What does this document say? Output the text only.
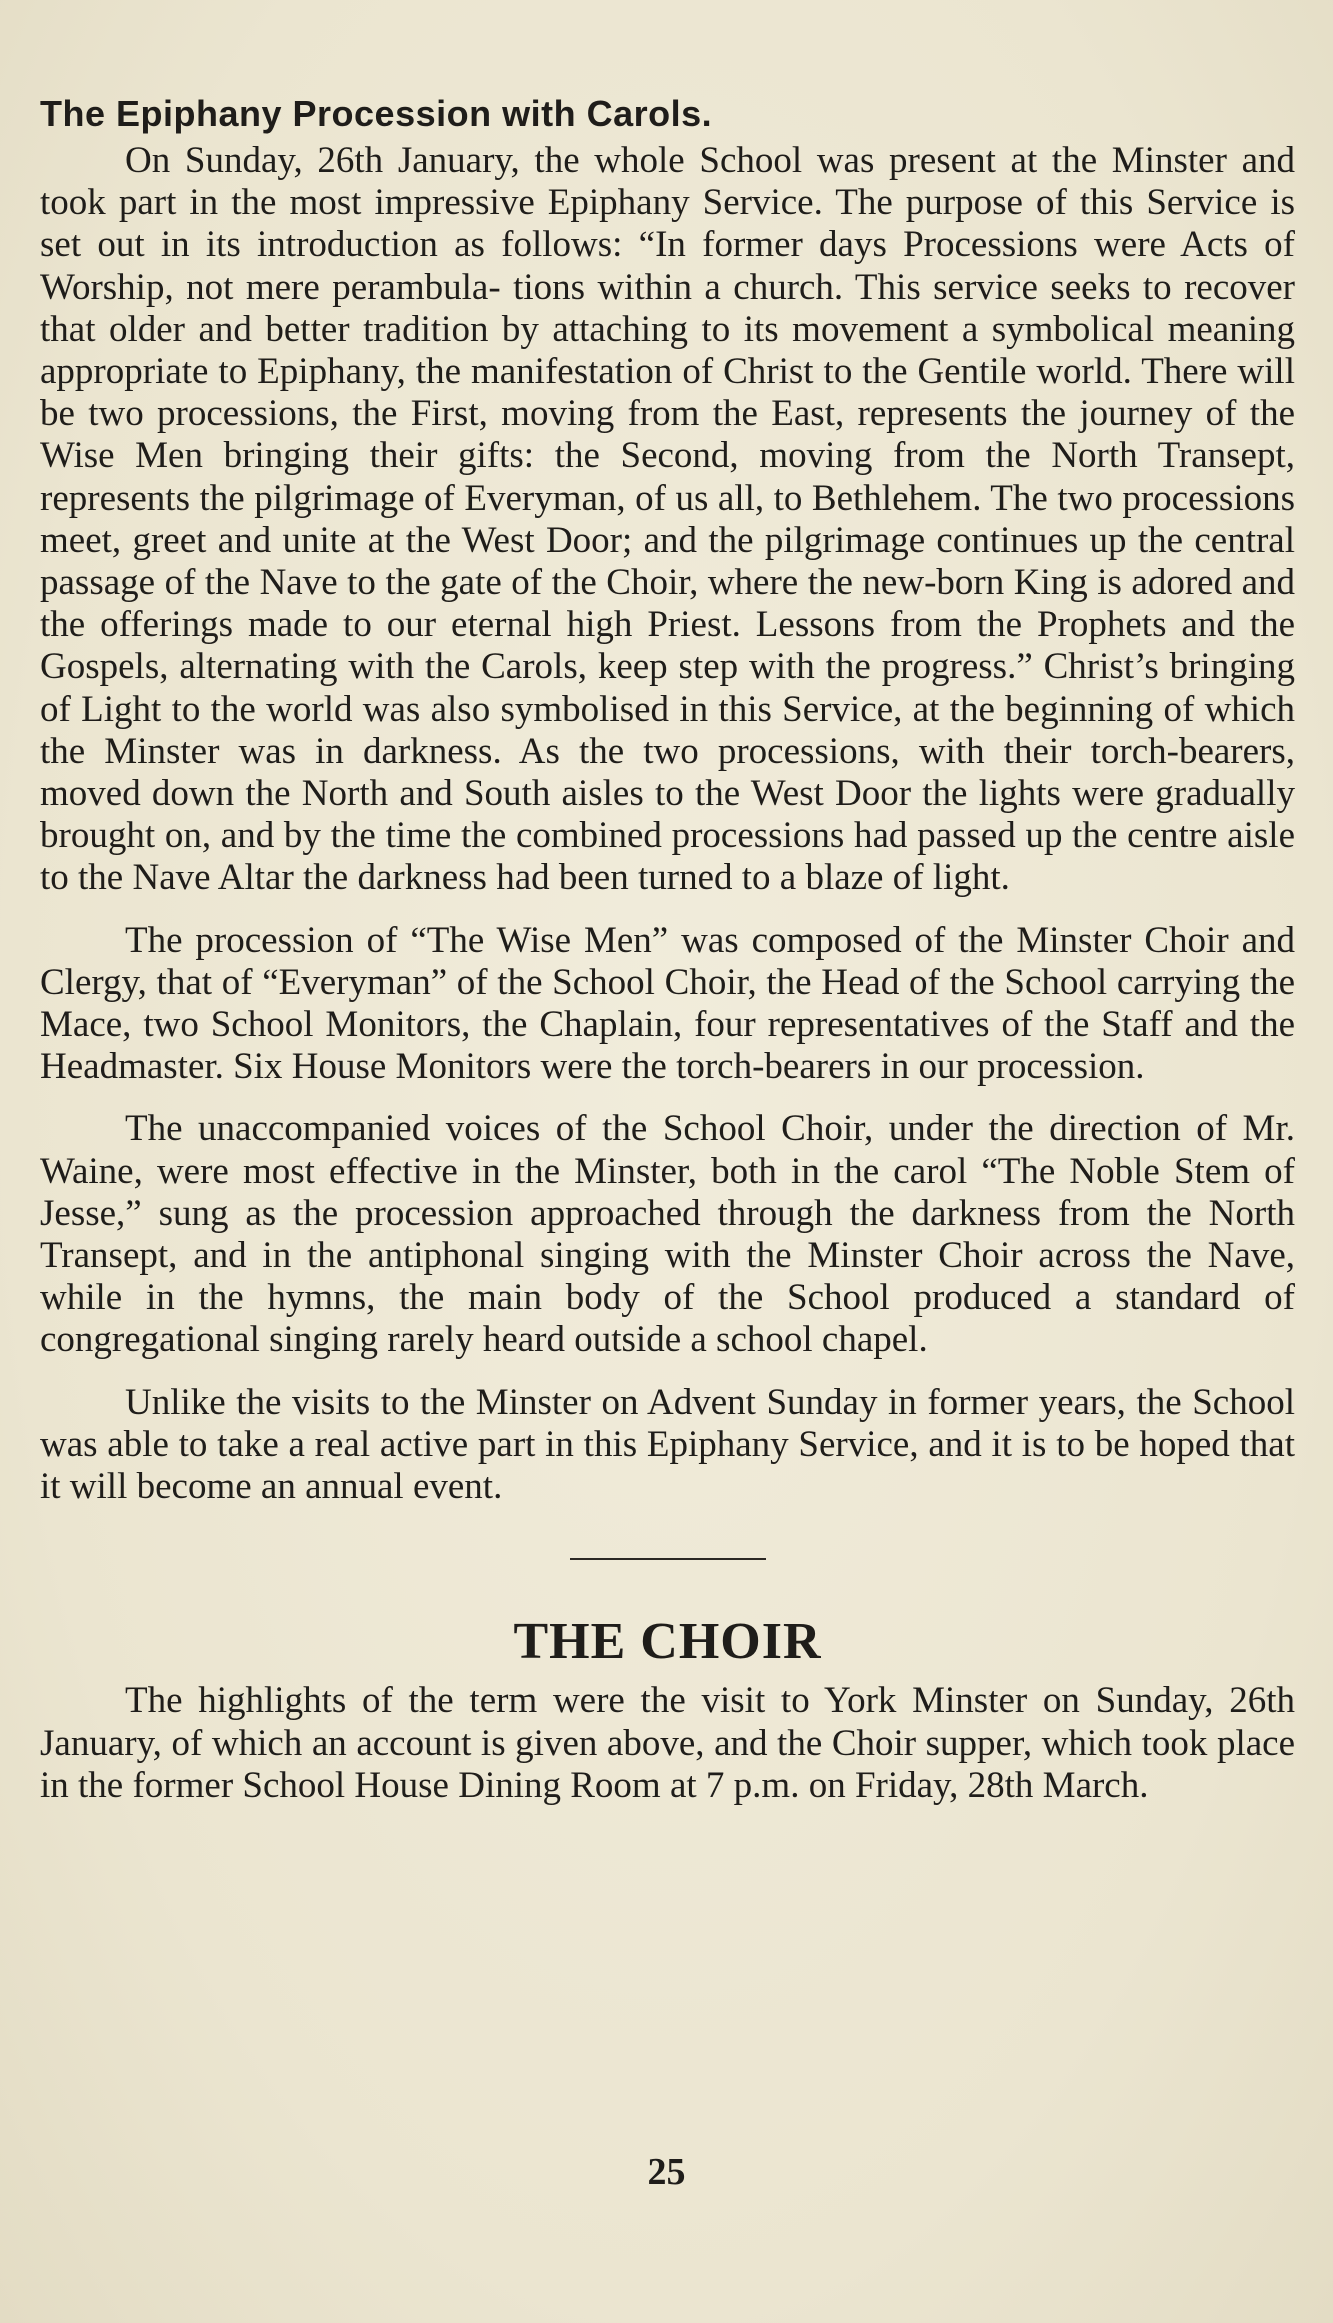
The Epiphany Procession with Carols.

On Sunday, 26th January, the whole School was present at the Minster and took part in the most impressive Epiphany Service. The purpose of this Service is set out in its introduction as follows: “In former days Processions were Acts of Worship, not mere perambula‑ tions within a church. This service seeks to recover that older and better tradition by attaching to its movement a symbolical meaning appropriate to Epiphany, the manifestation of Christ to the Gentile world. There will be two processions, the First, moving from the East, represents the journey of the Wise Men bringing their gifts: the Second, moving from the North Transept, represents the pilgrimage of Everyman, of us all, to Bethlehem. The two processions meet, greet and unite at the West Door; and the pilgrimage continues up the central passage of the Nave to the gate of the Choir, where the new‑born King is adored and the offerings made to our eternal high Priest. Lessons from the Prophets and the Gospels, alternating with the Carols, keep step with the progress.” Christ’s bringing of Light to the world was also symbolised in this Service, at the beginning of which the Minster was in darkness. As the two processions, with their torch‑bearers, moved down the North and South aisles to the West Door the lights were gradually brought on, and by the time the combined processions had passed up the centre aisle to the Nave Altar the darkness had been turned to a blaze of light.

The procession of “The Wise Men” was composed of the Minster Choir and Clergy, that of “Everyman” of the School Choir, the Head of the School carrying the Mace, two School Monitors, the Chaplain, four representatives of the Staff and the Headmaster. Six House Monitors were the torch‑bearers in our procession.

The unaccompanied voices of the School Choir, under the direction of Mr. Waine, were most effective in the Minster, both in the carol “The Noble Stem of Jesse,” sung as the procession approached through the darkness from the North Transept, and in the antiphonal singing with the Minster Choir across the Nave, while in the hymns, the main body of the School produced a standard of congregational singing rarely heard outside a school chapel.

Unlike the visits to the Minster on Advent Sunday in former years, the School was able to take a real active part in this Epiphany Service, and it is to be hoped that it will become an annual event.

THE CHOIR

The highlights of the term were the visit to York Minster on Sunday, 26th January, of which an account is given above, and the Choir supper, which took place in the former School House Dining Room at 7 p.m. on Friday, 28th March.

25
